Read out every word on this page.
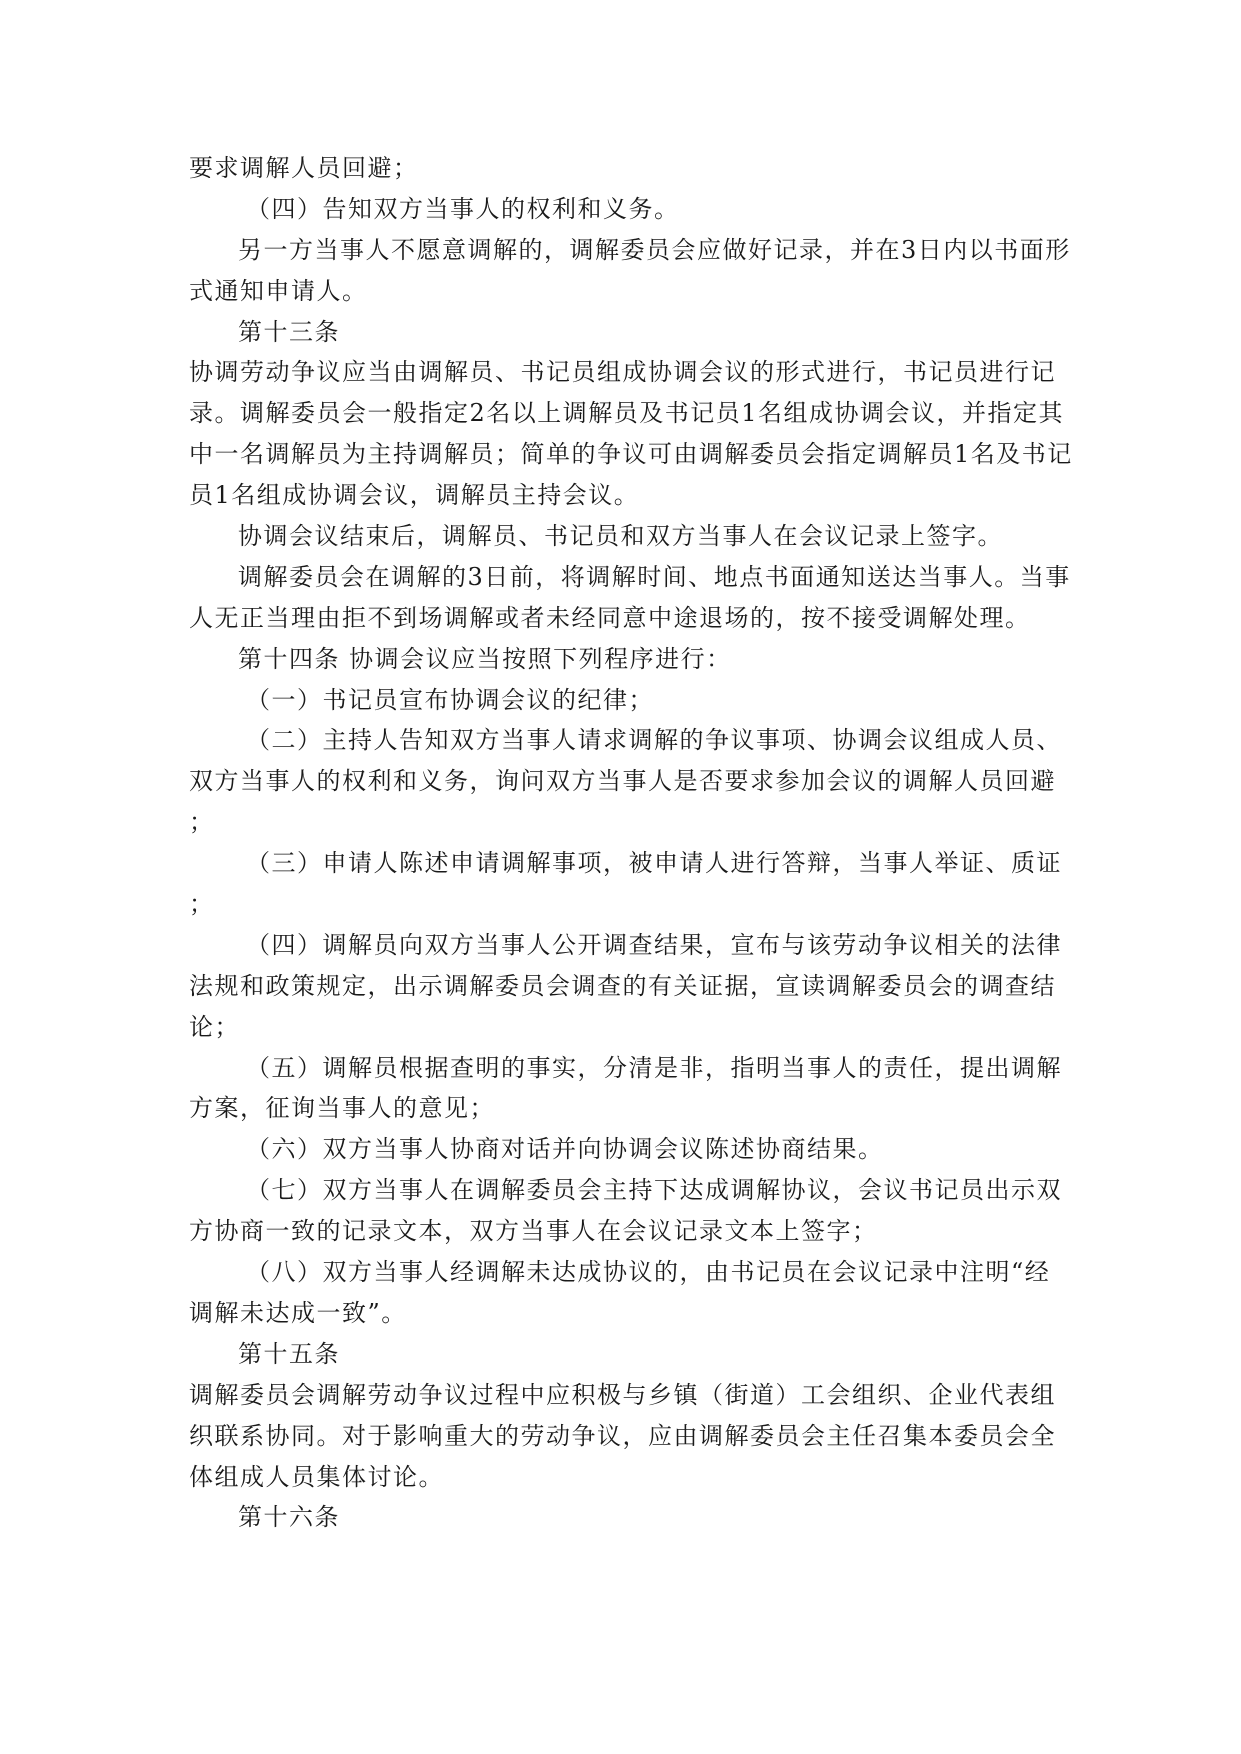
要求调解人员回避；
（四）告知双方当事人的权利和义务。
另一方当事人不愿意调解的，调解委员会应做好记录，并在3日内以书面形
式通知申请人。
第十三条
协调劳动争议应当由调解员、书记员组成协调会议的形式进行，书记员进行记
录。调解委员会一般指定2名以上调解员及书记员1名组成协调会议，并指定其
中一名调解员为主持调解员；简单的争议可由调解委员会指定调解员1名及书记
员1名组成协调会议，调解员主持会议。
协调会议结束后，调解员、书记员和双方当事人在会议记录上签字。
调解委员会在调解的3日前，将调解时间、地点书面通知送达当事人。当事
人无正当理由拒不到场调解或者未经同意中途退场的，按不接受调解处理。
第十四条 协调会议应当按照下列程序进行：
（一）书记员宣布协调会议的纪律；
（二）主持人告知双方当事人请求调解的争议事项、协调会议组成人员、
双方当事人的权利和义务，询问双方当事人是否要求参加会议的调解人员回避
；
（三）申请人陈述申请调解事项，被申请人进行答辩，当事人举证、质证
；
（四）调解员向双方当事人公开调查结果，宣布与该劳动争议相关的法律
法规和政策规定，出示调解委员会调查的有关证据，宣读调解委员会的调查结
论；
（五）调解员根据查明的事实，分清是非，指明当事人的责任，提出调解
方案，征询当事人的意见；
（六）双方当事人协商对话并向协调会议陈述协商结果。
（七）双方当事人在调解委员会主持下达成调解协议，会议书记员出示双
方协商一致的记录文本，双方当事人在会议记录文本上签字；
（八）双方当事人经调解未达成协议的，由书记员在会议记录中注明“经
调解未达成一致”。
第十五条
调解委员会调解劳动争议过程中应积极与乡镇（街道）工会组织、企业代表组
织联系协同。对于影响重大的劳动争议，应由调解委员会主任召集本委员会全
体组成人员集体讨论。
第十六条
